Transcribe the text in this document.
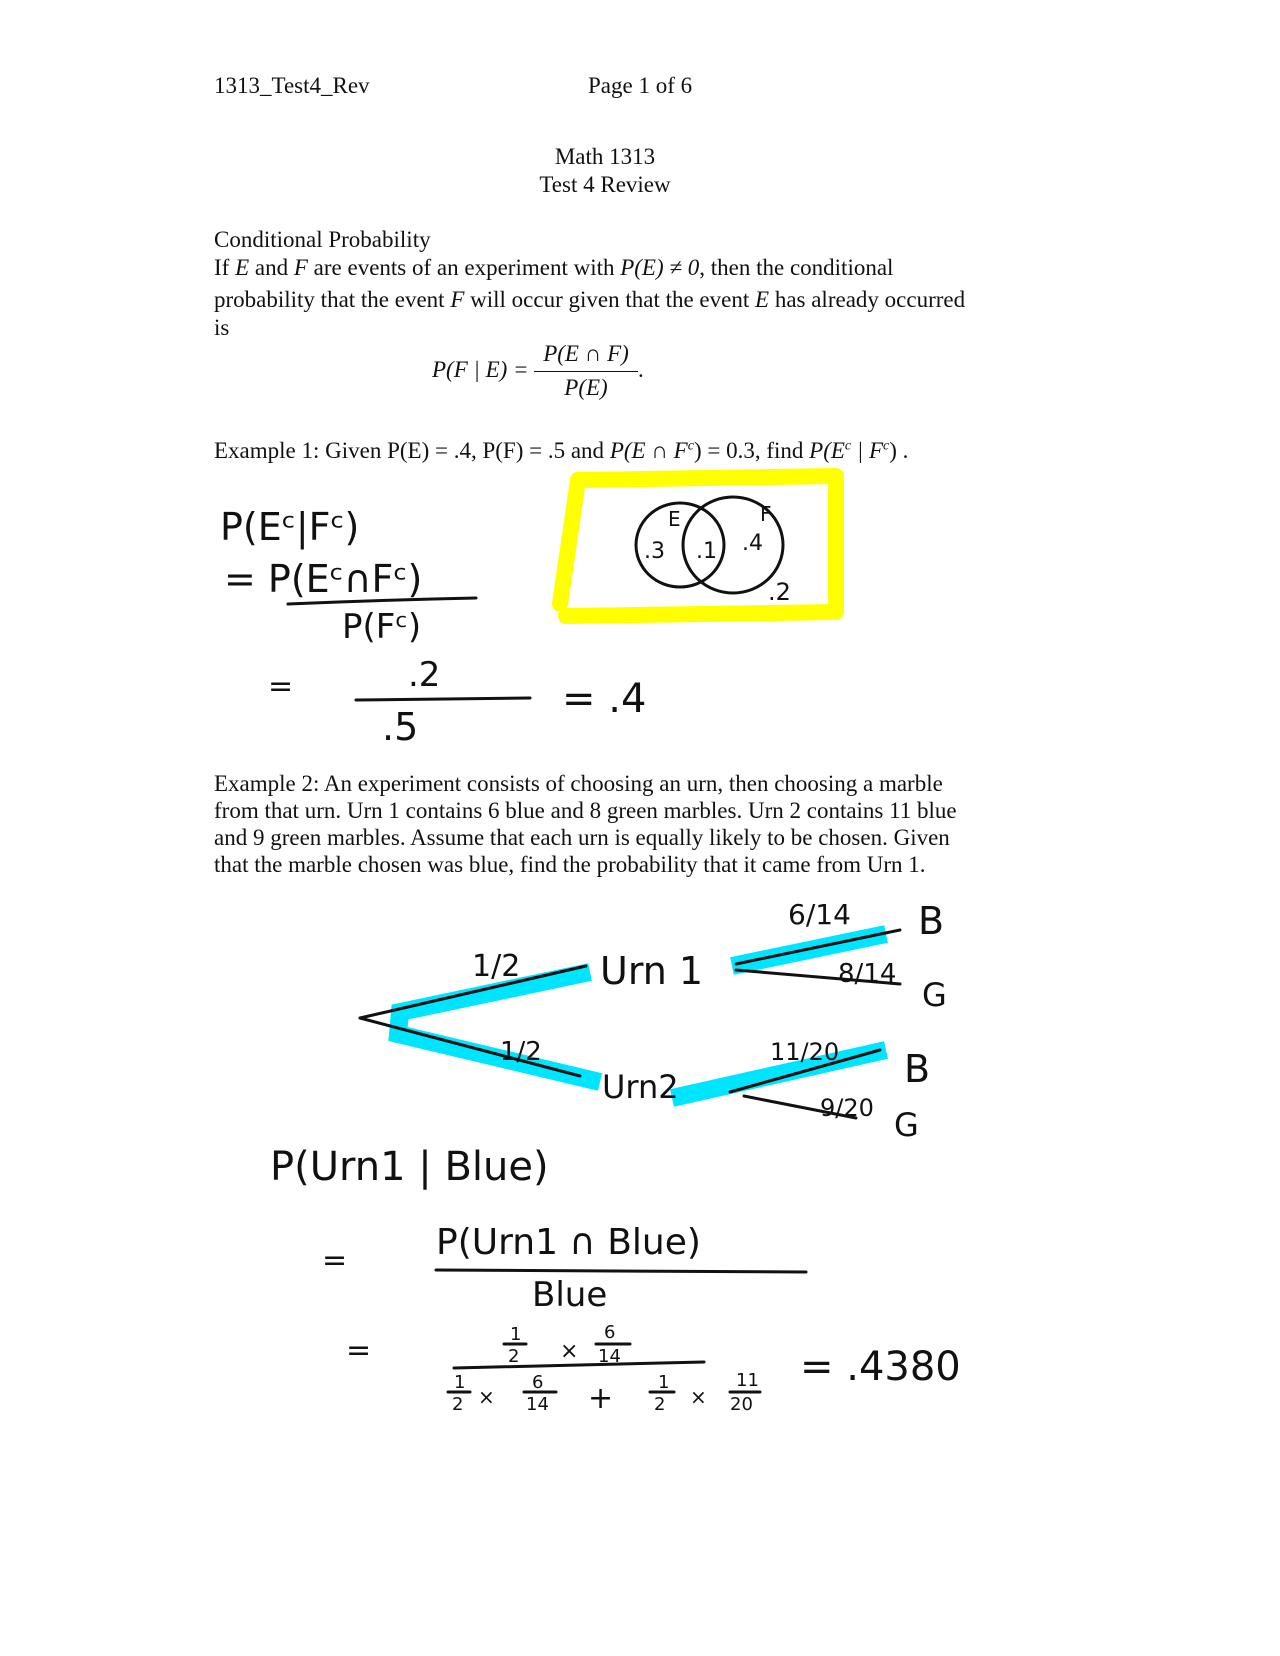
1313_Test4_Rev	Page 1 of 6
Math 1313
Test 4 Review
Conditional Probability
If E and F are events of an experiment with P(E) ≠ 0, then the conditional
probability that the event F will occur given that the event E has already occurred
is
P(F | E) =
P(E ∩ F)
P(E)
.
Example 1: Given P(E) = .4, P(F) = .5 and P(E ∩ $F^c) = 0.3$, find $P(E^c$ | $F^c$) .
Example 2: An experiment consists of choosing an urn, then choosing a marble
from that urn. Urn 1 contains 6 blue and 8 green marbles. Urn 2 contains 11 blue
and 9 green marbles. Assume that each urn is equally likely to be chosen. Given
that the marble chosen was blue, find the probability that it came from Urn 1.
E	F
.3 .1 .4
.2
P(Eᶜ|Fᶜ)
= P(Eᶜ∩Fᶜ)
P(Fᶜ)
=	.2
.5
= .4
1/2 Urn 1
1/2
Urn2
6/14 B
8/14
G
11/20 B
9/20 G
P(Urn1 | Blue)
= P(Urn1 ∩ Blue)
Blue
=	1
2 ×
6
14
1
2 ×
6
14 + 1
2 ×
11
20
= .4380
